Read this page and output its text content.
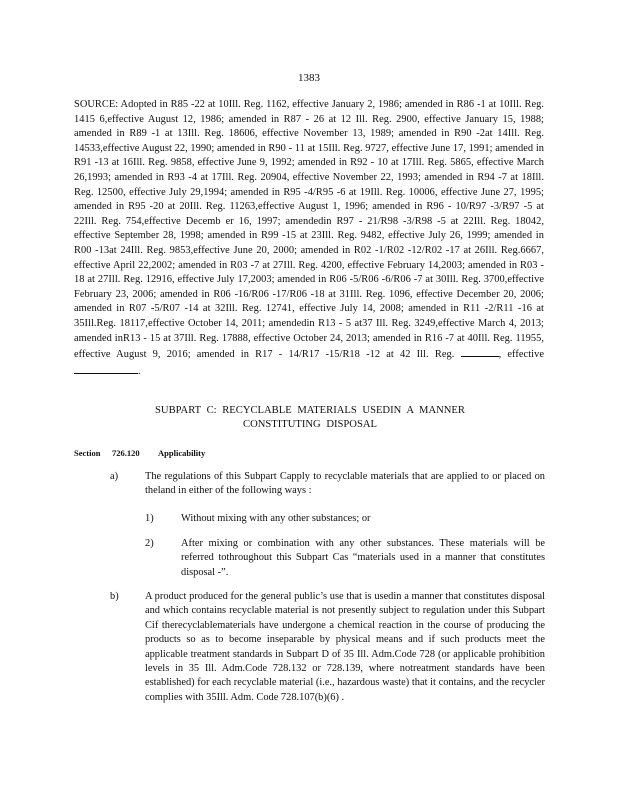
1383
SOURCE: Adopted in R85 -22 at 10Ill. Reg. 1162, effective January 2, 1986; amended in R86 -1 at 10Ill. Reg. 1415 6,effective August 12, 1986; amended in R87 - 26 at 12 Ill. Reg. 2900, effective January 15, 1988; amended in R89 -1 at 13Ill. Reg. 18606, effective November 13, 1989; amended in R90 -2at 14Ill. Reg. 14533,effective August 22, 1990; amended in R90 - 11 at 15Ill. Reg. 9727, effective June 17, 1991; amended in R91 -13 at 16Ill. Reg. 9858, effective June 9, 1992; amended in R92 - 10 at 17Ill. Reg. 5865, effective March 26,1993; amended in R93 -4 at 17Ill. Reg. 20904, effective November 22, 1993; amended in R94 -7 at 18Ill. Reg. 12500, effective July 29,1994; amended in R95 -4/R95 -6 at 19Ill. Reg. 10006, effective June 27, 1995; amended in R95 -20 at 20Ill. Reg. 11263,effective August 1, 1996; amended in R96 - 10/R97 -3/R97 -5 at 22Ill. Reg. 754,effective Decemb er 16, 1997; amendedin R97 - 21/R98 -3/R98 -5 at 22Ill. Reg. 18042, effective September 28, 1998; amended in R99 -15 at 23Ill. Reg. 9482, effective July 26, 1999; amended in R00 -13at 24Ill. Reg. 9853,effective June 20, 2000; amended in R02 -1/R02 -12/R02 -17 at 26Ill. Reg.6667, effective April 22,2002; amended in R03 -7 at 27Ill. Reg. 4200, effective February 14,2003; amended in R03 - 18 at 27Ill. Reg. 12916, effective July 17,2003; amended in R06 -5/R06 -6/R06 -7 at 30Ill. Reg. 3700,effective February 23, 2006; amended in R06 -16/R06 -17/R06 -18 at 31Ill. Reg. 1096, effective December 20, 2006; amended in R07 -5/R07 -14 at 32Ill. Reg. 12741, effective July 14, 2008; amended in R11 -2/R11 -16 at 35Ill.Reg. 18117,effective October 14, 2011; amendedin R13 - 5 at37 Ill. Reg. 3249,effective March 4, 2013; amended inR13 - 15 at 37Ill. Reg. 17888, effective October 24, 2013; amended in R16 -7 at 40Ill. Reg. 11955, effective August 9, 2016; amended in R17 - 14/R17 -15/R18 -12 at 42 Ill. Reg.	, effective .
SUBPART C: RECYCLABLE MATERIALS USEDIN A MANNER
CONSTITUTING DISPOSAL
Section 726.120 Applicability
a)	The regulations of this Subpart Capply to recyclable materials that are applied to or placed on theland in either of the following ways :
1)	Without mixing with any other substances; or
2)	After mixing or combination with any other substances. These materials will be referred tothroughout this Subpart Cas “materials used in a manner that constitutes disposal -”.
b)	A product produced for the general public’s use that is usedin a manner that constitutes disposal and which contains recyclable material is not presently subject to regulation under this Subpart Cif therecyclablematerials have undergone a chemical reaction in the course of producing the products so as to become inseparable by physical means and if such products meet the applicable treatment standards in Subpart D of 35 Ill. Adm.Code 728 (or applicable prohibition levels in 35 Ill. Adm.Code 728.132 or 728.139, where notreatment standards have been established) for each recyclable material (i.e., hazardous waste) that it contains, and the recycler complies with 35Ill. Adm. Code 728.107(b)(6) .
